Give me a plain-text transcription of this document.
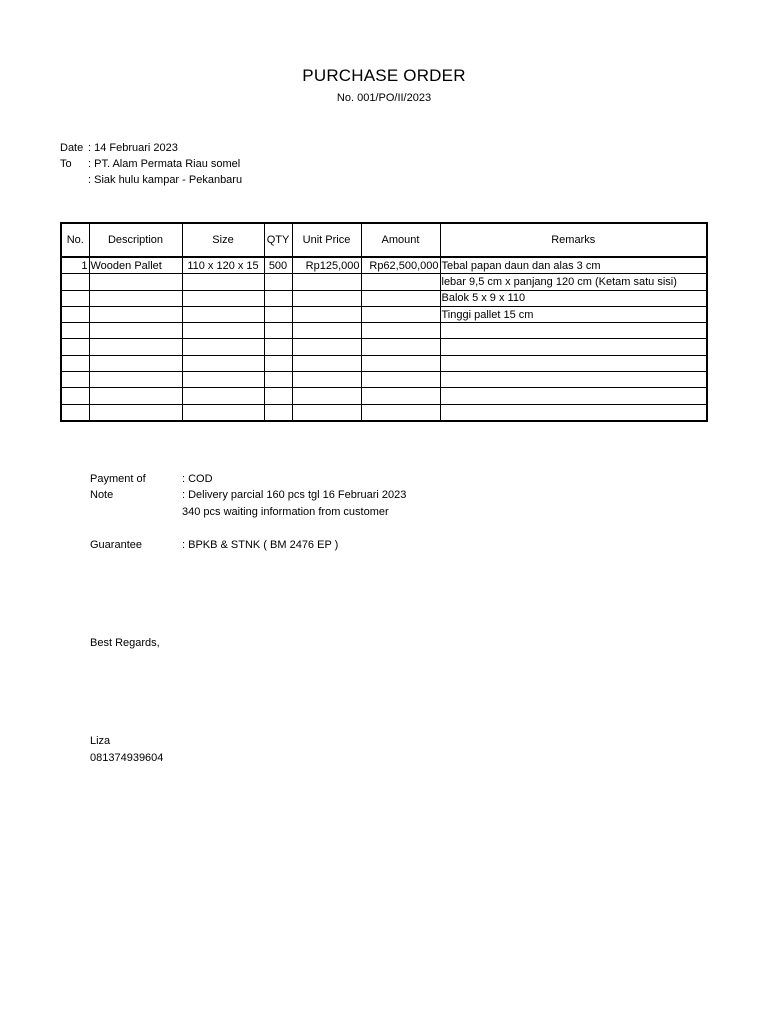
PURCHASE ORDER
No. 001/PO/II/2023
Date : 14 Februari 2023
To : PT. Alam Permata Riau somel
: Siak hulu kampar - Pekanbaru
No.	Description	Size	QTY	Unit Price	Amount	Remarks
1	Wooden Pallet	110 x 120 x 15	500	Rp125,000	Rp62,500,000	Tebal papan daun dan alas 3 cm
						lebar 9,5 cm x panjang 120 cm (Ketam satu sisi)
						Balok 5 x 9 x 110
						Tinggi pallet 15 cm

Payment of	: COD
Note	: Delivery parcial 160 pcs tgl 16 Februari 2023
340 pcs waiting information from customer
Guarantee	: BPKB & STNK ( BM 2476 EP )
Best Regards,
Liza
081374939604
